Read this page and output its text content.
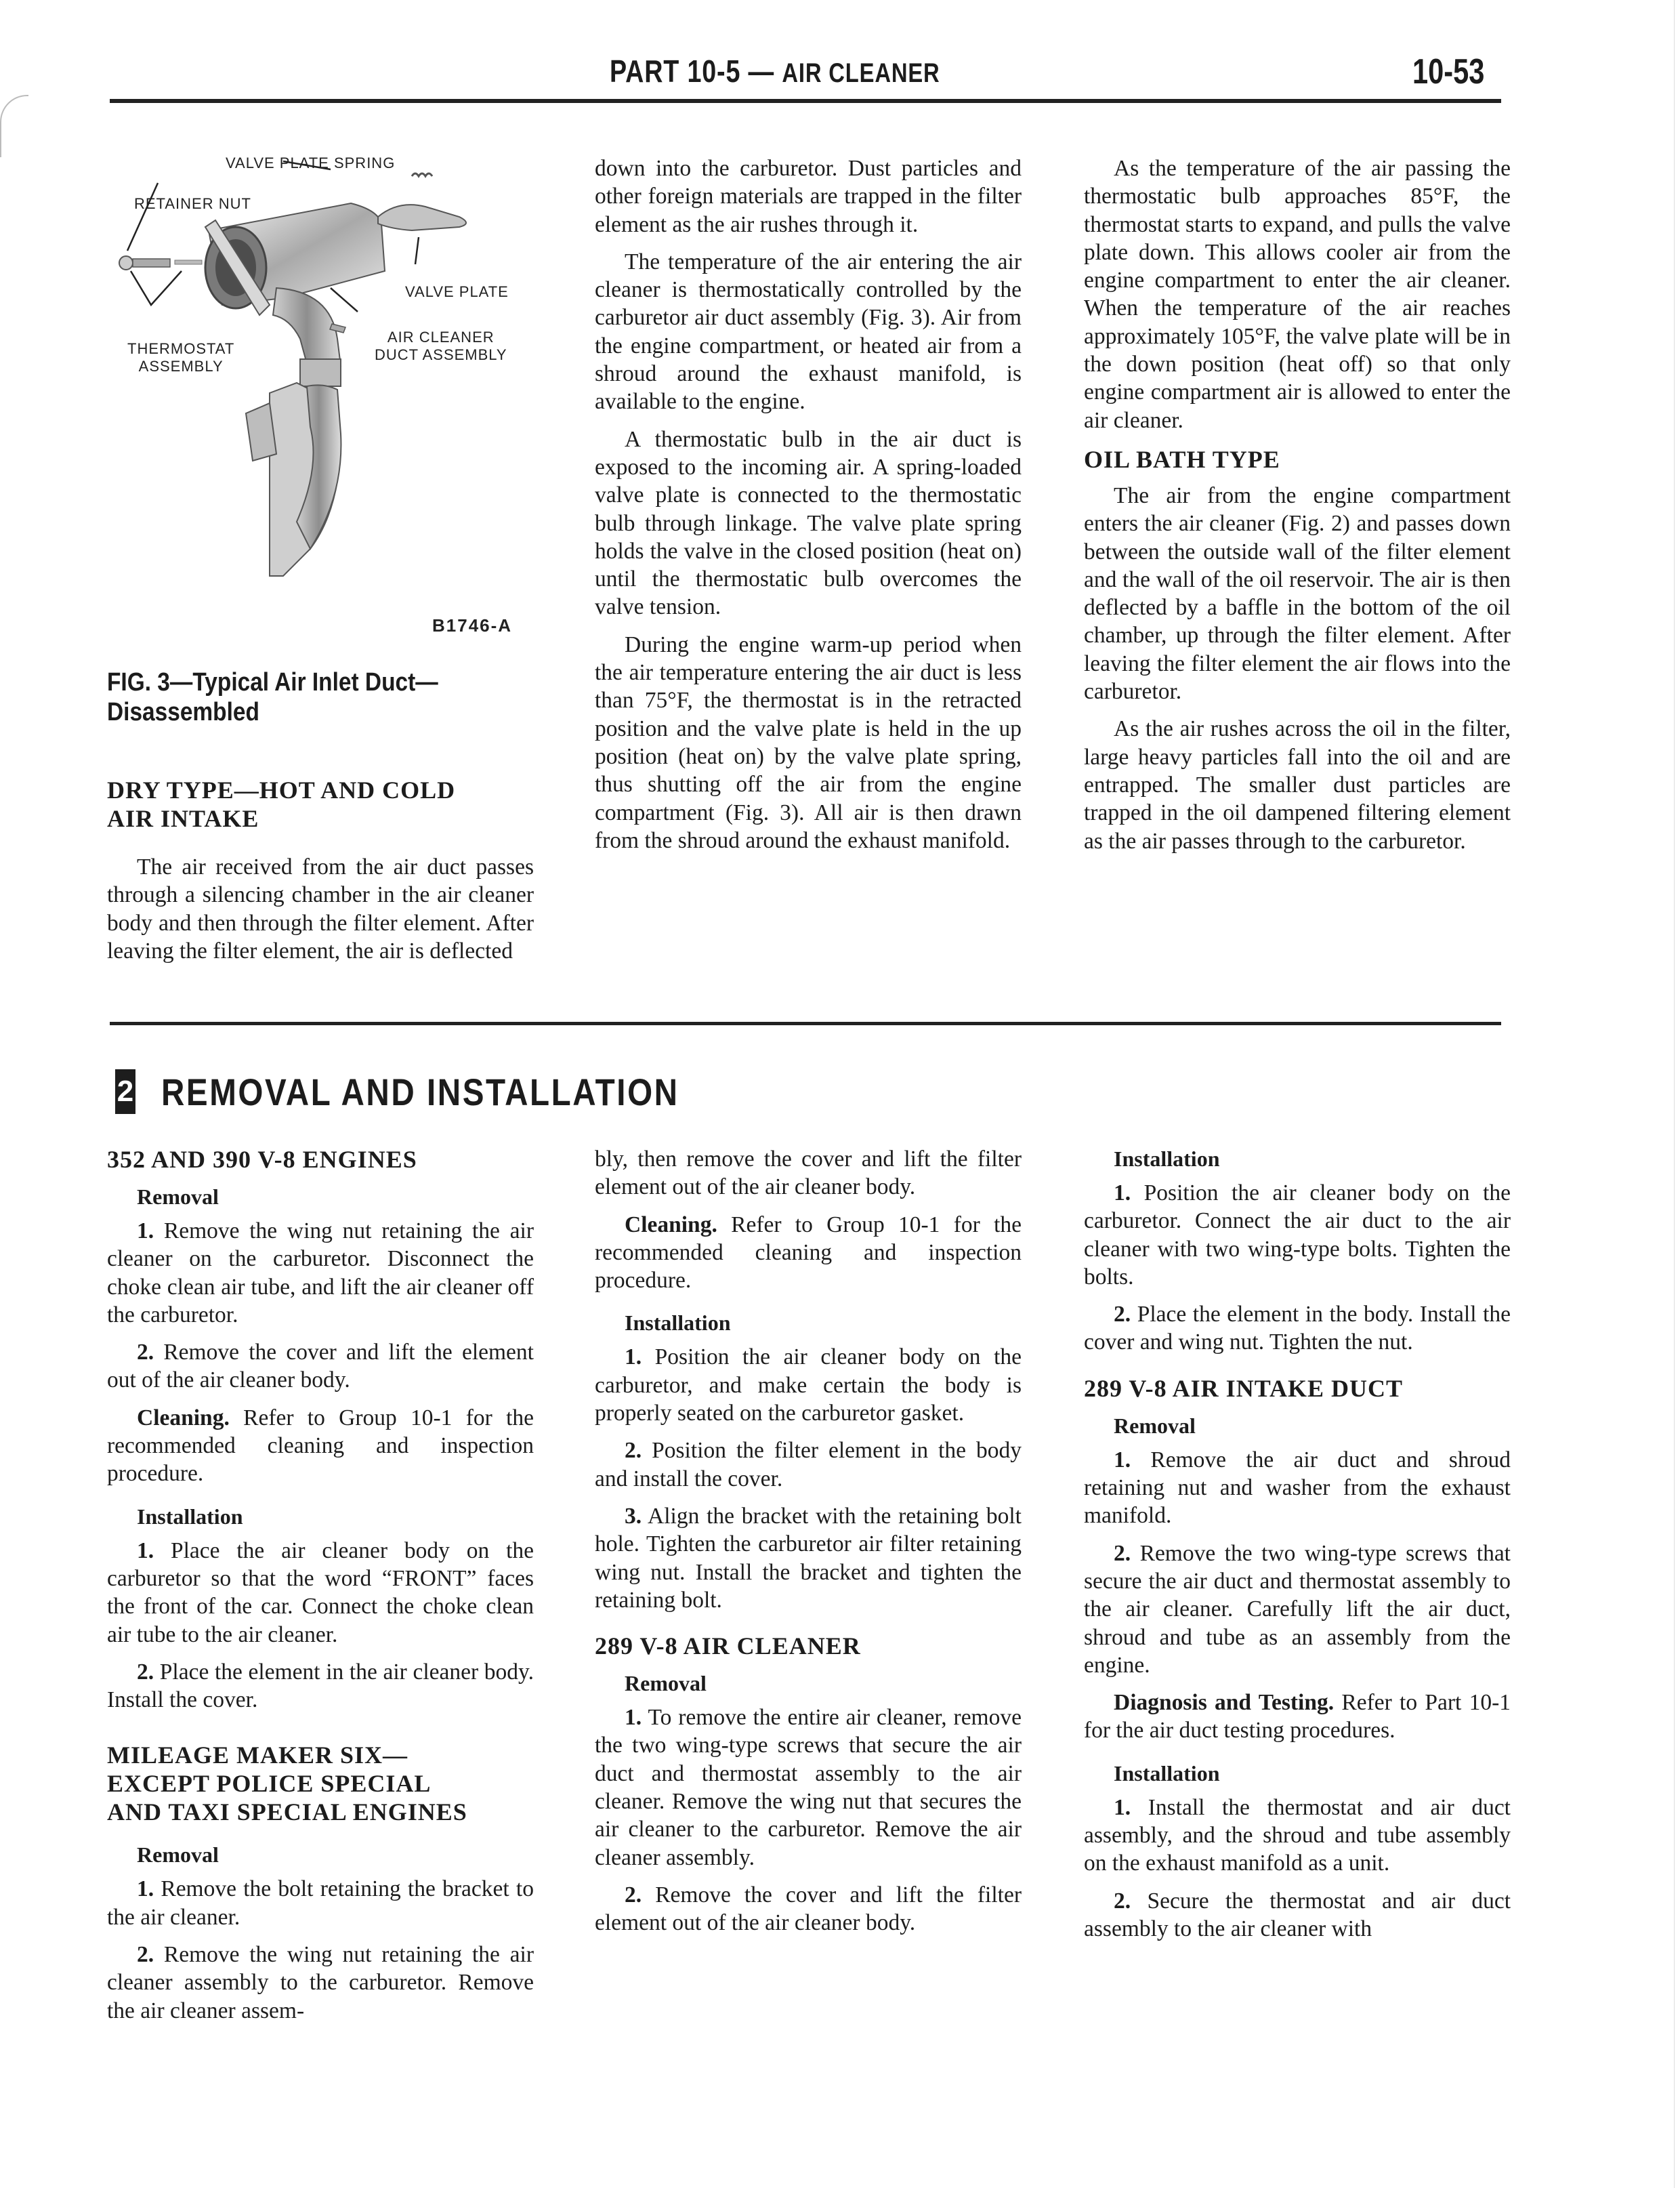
PART 10-5 — AIR CLEANER	10-53
VALVE PLATE SPRING
RETAINER NUT
VALVE PLATE
AIR CLEANER
DUCT ASSEMBLY
THERMOSTAT
ASSEMBLY
B1746-A
FIG. 3—Typical Air Inlet Duct—
Disassembled
DRY TYPE—HOT AND COLD
AIR INTAKE

The air received from the air duct passes through a silencing chamber in the air cleaner body and then through the filter element. After leaving the filter element, the air is deflected

down into the carburetor. Dust particles and other foreign materials are trapped in the filter element as the air rushes through it.

The temperature of the air entering the air cleaner is thermostatically controlled by the carburetor air duct assembly (Fig. 3). Air from the engine compartment, or heated air from a shroud around the exhaust manifold, is available to the engine.

A thermostatic bulb in the air duct is exposed to the incoming air. A spring-loaded valve plate is connected to the thermostatic bulb through linkage. The valve plate spring holds the valve in the closed position (heat on) until the thermostatic bulb overcomes the valve tension.

During the engine warm-up period when the air temperature entering the air duct is less than 75°F, the thermostat is in the retracted position and the valve plate is held in the up position (heat on) by the valve plate spring, thus shutting off the air from the engine compartment (Fig. 3). All air is then drawn from the shroud around the exhaust manifold.

As the temperature of the air passing the thermostatic bulb approaches 85°F, the thermostat starts to expand, and pulls the valve plate down. This allows cooler air from the engine compartment to enter the air cleaner. When the temperature of the air reaches approximately 105°F, the valve plate will be in the down position (heat off) so that only engine compartment air is allowed to enter the air cleaner.

OIL BATH TYPE

The air from the engine compartment enters the air cleaner (Fig. 2) and passes down between the outside wall of the filter element and the wall of the oil reservoir. The air is then deflected by a baffle in the bottom of the oil chamber, up through the filter element. After leaving the filter element the air flows into the carburetor.

As the air rushes across the oil in the filter, large heavy particles fall into the oil and are entrapped. The smaller dust particles are trapped in the oil dampened filtering element as the air passes through to the carburetor.

2 REMOVAL AND INSTALLATION
352 AND 390 V-8 ENGINES
Removal

1. Remove the wing nut retaining the air cleaner on the carburetor. Disconnect the choke clean air tube, and lift the air cleaner off the carburetor.

2. Remove the cover and lift the element out of the air cleaner body.

Cleaning. Refer to Group 10-1 for the recommended cleaning and inspection procedure.

Installation

1. Place the air cleaner body on the carburetor so that the word “FRONT” faces the front of the car. Connect the choke clean air tube to the air cleaner.

2. Place the element in the air cleaner body. Install the cover.

MILEAGE MAKER SIX—
EXCEPT POLICE SPECIAL
AND TAXI SPECIAL ENGINES
Removal

1. Remove the bolt retaining the bracket to the air cleaner.

2. Remove the wing nut retaining the air cleaner assembly to the carburetor. Remove the air cleaner assem-

bly, then remove the cover and lift the filter element out of the air cleaner body.

Cleaning. Refer to Group 10-1 for the recommended cleaning and inspection procedure.

Installation

1. Position the air cleaner body on the carburetor, and make certain the body is properly seated on the carburetor gasket.

2. Position the filter element in the body and install the cover.

3. Align the bracket with the retaining bolt hole. Tighten the carburetor air filter retaining wing nut. Install the bracket and tighten the retaining bolt.

289 V-8 AIR CLEANER
Removal

1. To remove the entire air cleaner, remove the two wing-type screws that secure the air duct and thermostat assembly to the air cleaner. Remove the wing nut that secures the air cleaner to the carburetor. Remove the air cleaner assembly.

2. Remove the cover and lift the filter element out of the air cleaner body.

Installation

1. Position the air cleaner body on the carburetor. Connect the air duct to the air cleaner with two wing-type bolts. Tighten the bolts.

2. Place the element in the body. Install the cover and wing nut. Tighten the nut.

289 V-8 AIR INTAKE DUCT
Removal

1. Remove the air duct and shroud retaining nut and washer from the exhaust manifold.

2. Remove the two wing-type screws that secure the air duct and thermostat assembly to the air cleaner. Carefully lift the air duct, shroud and tube as an assembly from the engine.

Diagnosis and Testing. Refer to Part 10-1 for the air duct testing procedures.

Installation

1. Install the thermostat and air duct assembly, and the shroud and tube assembly on the exhaust manifold as a unit.

2. Secure the thermostat and air duct assembly to the air cleaner with
